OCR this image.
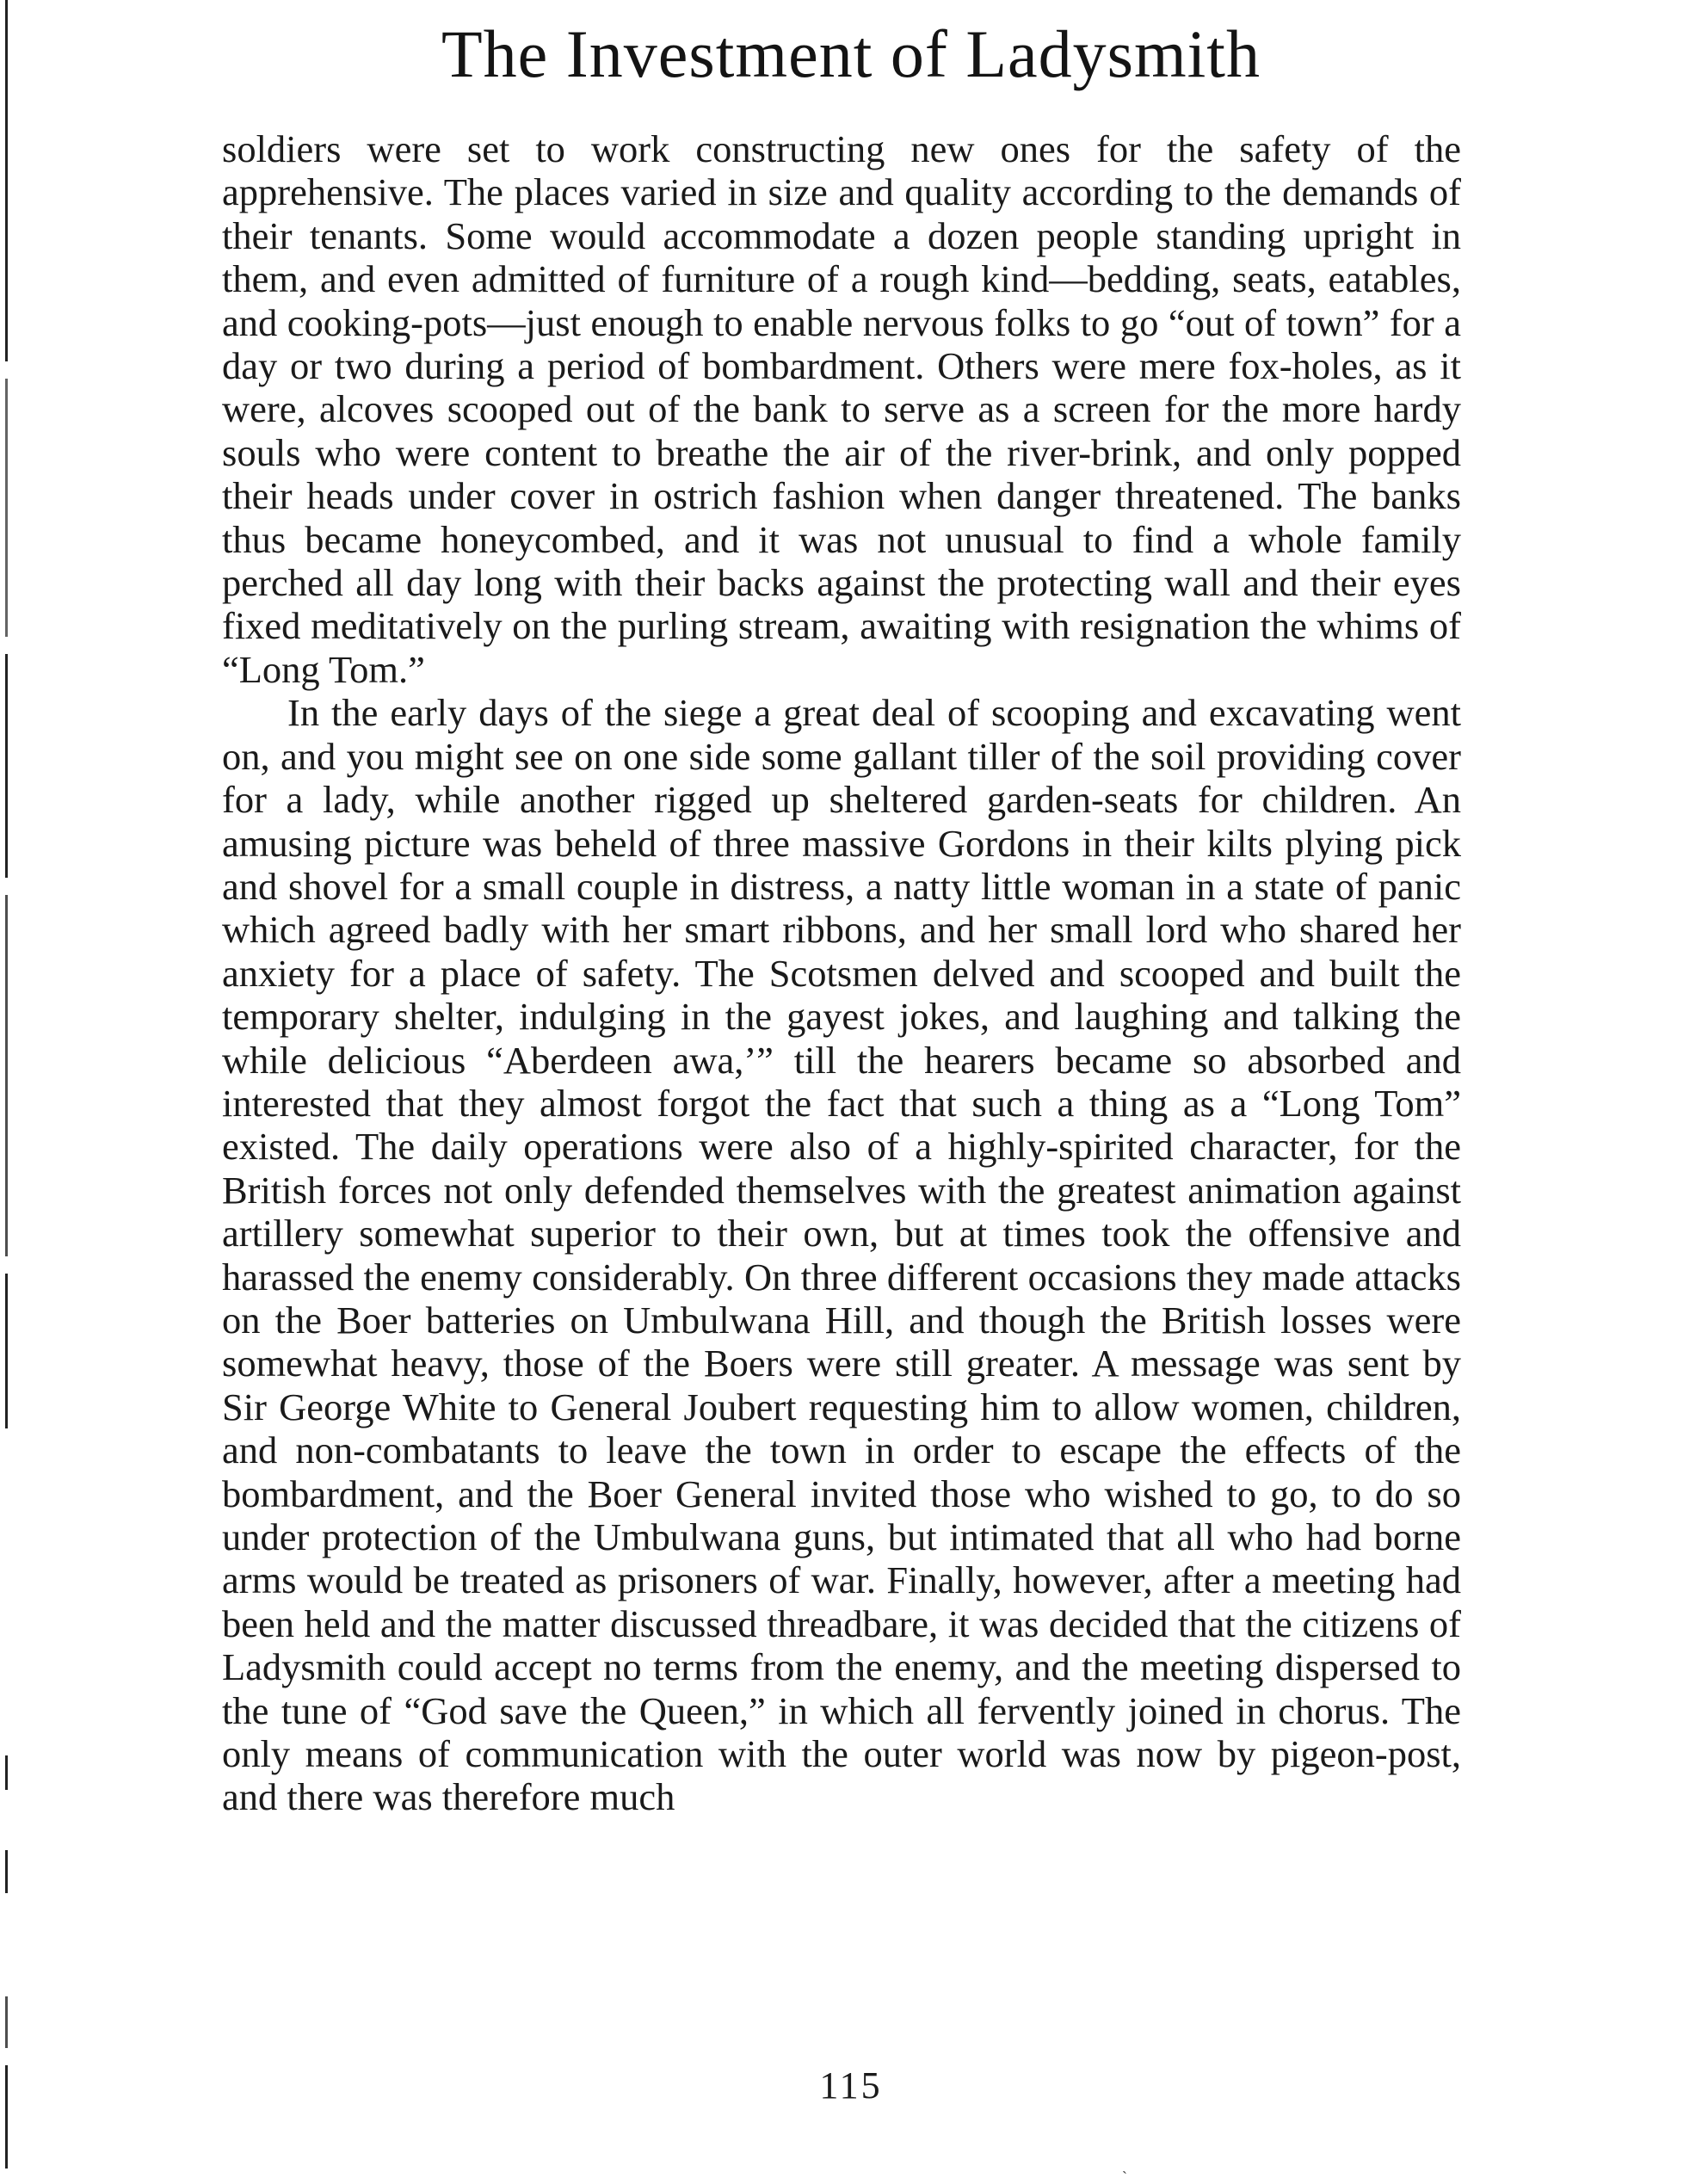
The Investment of Ladysmith

soldiers were set to work constructing new ones for the safety of the apprehensive. The places varied in size and quality according to the demands of their tenants. Some would accommodate a dozen people standing upright in them, and even admitted of furniture of a rough kind—bedding, seats, eatables, and cooking-pots—just enough to enable nervous folks to go “out of town” for a day or two during a period of bombardment. Others were mere fox-holes, as it were, alcoves scooped out of the bank to serve as a screen for the more hardy souls who were content to breathe the air of the river-brink, and only popped their heads under cover in ostrich fashion when danger threatened. The banks thus became honeycombed, and it was not unusual to find a whole family perched all day long with their backs against the protecting wall and their eyes fixed meditatively on the purling stream, awaiting with resignation the whims of “Long Tom.”

In the early days of the siege a great deal of scooping and excavating went on, and you might see on one side some gallant tiller of the soil providing cover for a lady, while another rigged up sheltered garden-seats for children. An amusing picture was beheld of three massive Gordons in their kilts plying pick and shovel for a small couple in distress, a natty little woman in a state of panic which agreed badly with her smart ribbons, and her small lord who shared her anxiety for a place of safety. The Scotsmen delved and scooped and built the temporary shelter, indulging in the gayest jokes, and laughing and talking the while delicious “Aberdeen awa,’” till the hearers became so absorbed and interested that they almost forgot the fact that such a thing as a “Long Tom” existed. The daily operations were also of a highly-spirited character, for the British forces not only defended themselves with the greatest animation against artillery somewhat superior to their own, but at times took the offensive and harassed the enemy considerably. On three different occasions they made attacks on the Boer batteries on Umbulwana Hill, and though the British losses were somewhat heavy, those of the Boers were still greater. A message was sent by Sir George White to General Joubert requesting him to allow women, children, and non-combatants to leave the town in order to escape the effects of the bombardment, and the Boer General invited those who wished to go, to do so under protection of the Umbulwana guns, but intimated that all who had borne arms would be treated as prisoners of war. Finally, however, after a meeting had been held and the matter discussed threadbare, it was decided that the citizens of Ladysmith could accept no terms from the enemy, and the meeting dispersed to the tune of “God save the Queen,” in which all fervently joined in chorus. The only means of communication with the outer world was now by pigeon-post, and there was therefore much

115
ˏ
